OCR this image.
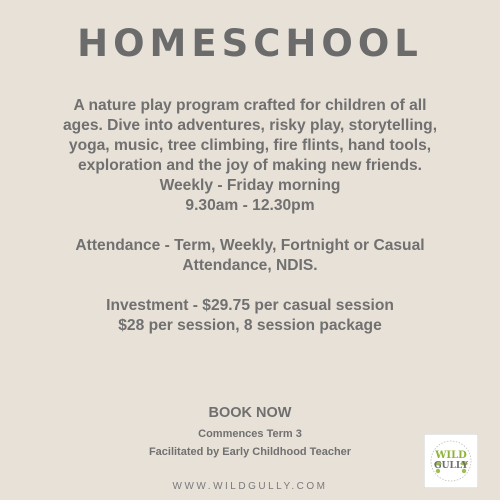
HOMESCHOOL
A nature play program crafted for children of all
ages. Dive into adventures, risky play, storytelling,
yoga, music, tree climbing, fire flints, hand tools,
exploration and the joy of making new friends.
Weekly - Friday morning
9.30am - 12.30pm
Attendance - Term, Weekly, Fortnight or Casual
Attendance, NDIS.
Investment - $29.75 per casual session
$28 per session, 8 session package
BOOK NOW
Commences Term 3
Facilitated by Early Childhood Teacher
WWW.WILDGULLY.COM
WILD
GULLY
